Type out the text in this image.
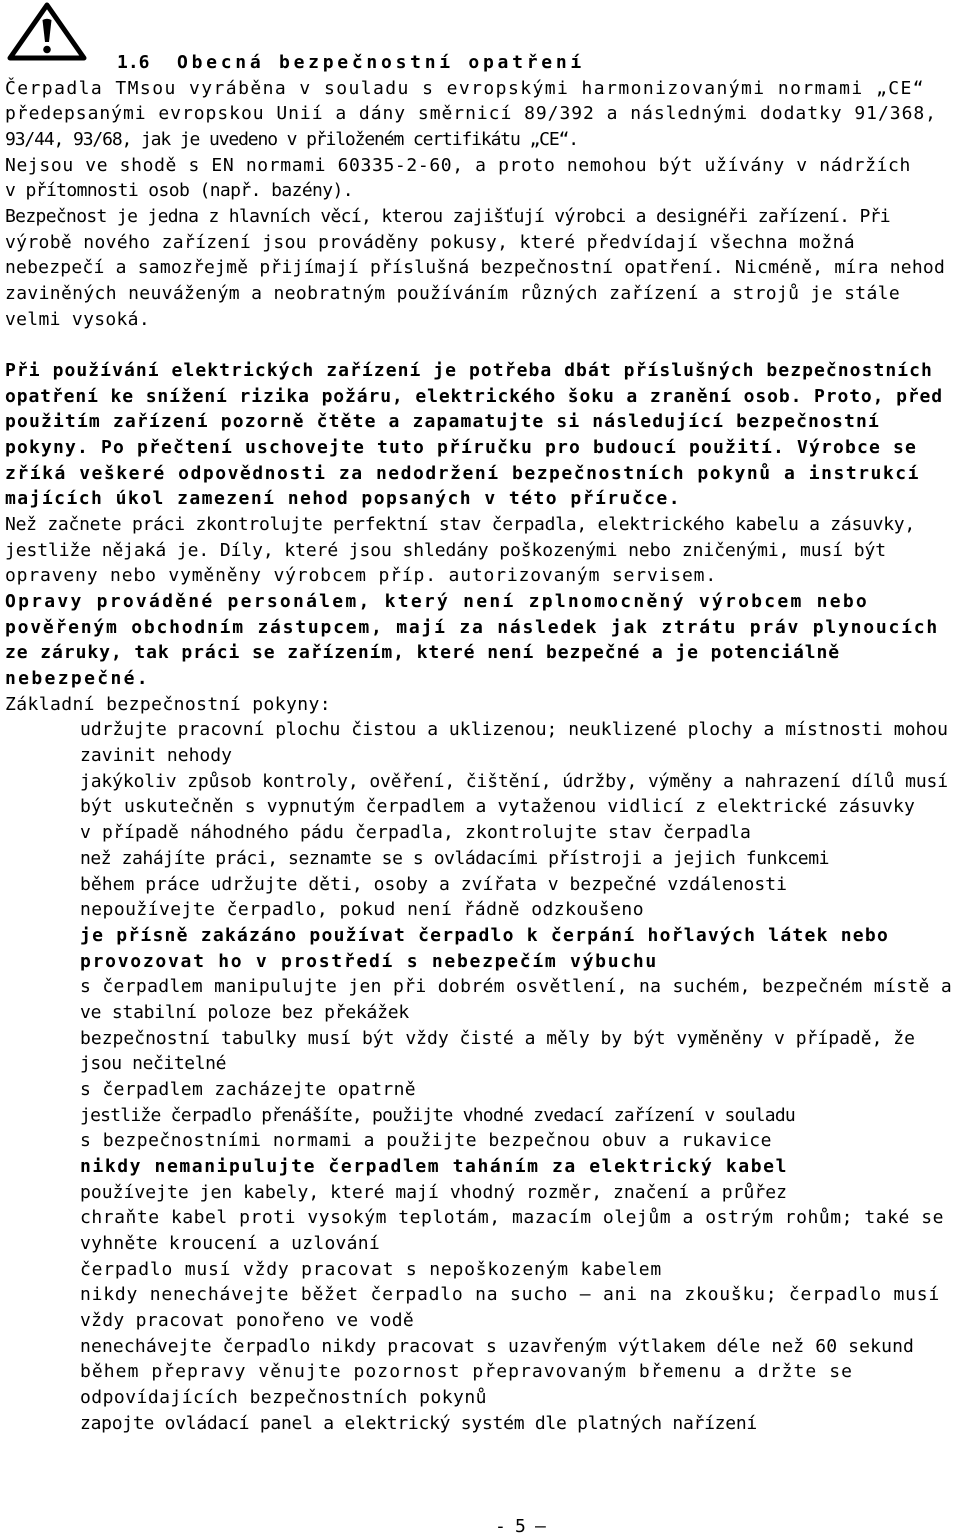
1.6 Obecná bezpečnostní opatření
Čerpadla TMsou vyráběna v souladu s evropskými harmonizovanými normami „CE“
předepsanými evropskou Unií a dány směrnicí 89/392 a následnými dodatky 91/368,
93/44, 93/68, jak je uvedeno v přiloženém certifikátu „CE“.
Nejsou ve shodě s EN normami 60335-2-60, a proto nemohou být užívány v nádržích
v přítomnosti osob (např. bazény).
Bezpečnost je jedna z hlavních věcí, kterou zajišťují výrobci a designéři zařízení. Při
výrobě nového zařízení jsou prováděny pokusy, které předvídají všechna možná
nebezpečí a samozřejmě přijímají příslušná bezpečnostní opatření. Nicméně, míra nehod
zaviněných neuváženým a neobratným používáním různých zařízení a strojů je stále
velmi vysoká.
Při používání elektrických zařízení je potřeba dbát příslušných bezpečnostních
opatření ke snížení rizika požáru, elektrického šoku a zranění osob. Proto, před
použitím zařízení pozorně čtěte a zapamatujte si následující bezpečnostní
pokyny. Po přečtení uschovejte tuto příručku pro budoucí použití. Výrobce se
zříká veškeré odpovědnosti za nedodržení bezpečnostních pokynů a instrukcí
majících úkol zamezení nehod popsaných v této příručce.
Než začnete práci zkontrolujte perfektní stav čerpadla, elektrického kabelu a zásuvky,
jestliže nějaká je. Díly, které jsou shledány poškozenými nebo zničenými, musí být
opraveny nebo vyměněny výrobcem příp. autorizovaným servisem.
Opravy prováděné personálem, který není zplnomocněný výrobcem nebo
pověřeným obchodním zástupcem, mají za následek jak ztrátu práv plynoucích
ze záruky, tak práci se zařízením, které není bezpečné a je potenciálně
nebezpečné.
Základní bezpečnostní pokyny:
udržujte pracovní plochu čistou a uklizenou; neuklizené plochy a místnosti mohou
zavinit nehody
jakýkoliv způsob kontroly, ověření, čištění, údržby, výměny a nahrazení dílů musí
být uskutečněn s vypnutým čerpadlem a vytaženou vidlicí z elektrické zásuvky
v případě náhodného pádu čerpadla, zkontrolujte stav čerpadla
než zahájíte práci, seznamte se s ovládacími přístroji a jejich funkcemi
během práce udržujte děti, osoby a zvířata v bezpečné vzdálenosti
nepoužívejte čerpadlo, pokud není řádně odzkoušeno
je přísně zakázáno používat čerpadlo k čerpání hořlavých látek nebo
provozovat ho v prostředí s nebezpečím výbuchu
s čerpadlem manipulujte jen při dobrém osvětlení, na suchém, bezpečném místě a
ve stabilní poloze bez překážek
bezpečnostní tabulky musí být vždy čisté a měly by být vyměněny v případě, že
jsou nečitelné
s čerpadlem zacházejte opatrně
jestliže čerpadlo přenášíte, použijte vhodné zvedací zařízení v souladu
s bezpečnostními normami a použijte bezpečnou obuv a rukavice
nikdy nemanipulujte čerpadlem taháním za elektrický kabel
používejte jen kabely, které mají vhodný rozměr, značení a průřez
chraňte kabel proti vysokým teplotám, mazacím olejům a ostrým rohům; také se
vyhněte kroucení a uzlování
čerpadlo musí vždy pracovat s nepoškozeným kabelem
nikdy nenechávejte běžet čerpadlo na sucho — ani na zkoušku; čerpadlo musí
vždy pracovat ponořeno ve vodě
nenechávejte čerpadlo nikdy pracovat s uzavřeným výtlakem déle než 60 sekund
během přepravy věnujte pozornost přepravovaným břemenu a držte se
odpovídajících bezpečnostních pokynů
zapojte ovládací panel a elektrický systém dle platných nařízení
- 5 —
